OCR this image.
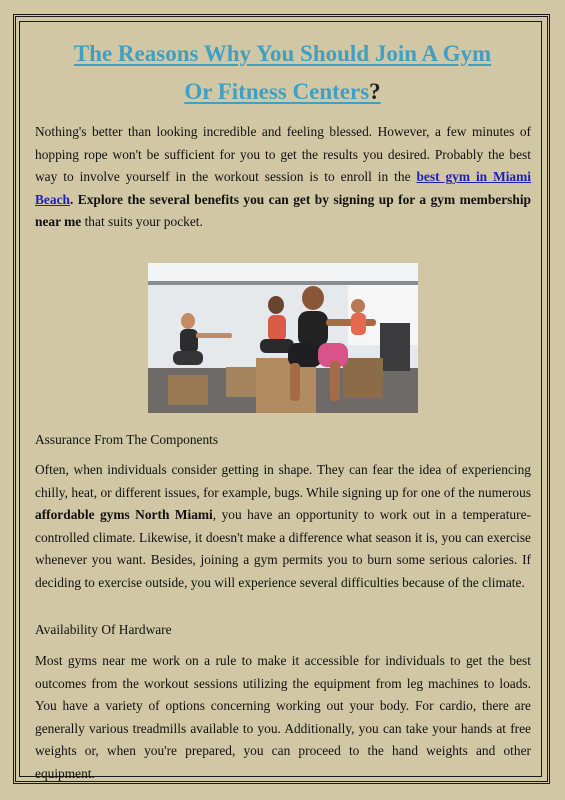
The Reasons Why You Should Join A Gym
Or Fitness Centers?

Nothing's better than looking incredible and feeling blessed. However, a few minutes of hopping rope won't be sufficient for you to get the results you desired. Probably the best way to involve yourself in the workout session is to enroll in the best gym in Miami Beach. Explore the several benefits you can get by signing up for a gym membership near me that suits your pocket.

Assurance From The Components

Often, when individuals consider getting in shape. They can fear the idea of experiencing chilly, heat, or different issues, for example, bugs. While signing up for one of the numerous affordable gyms North Miami, you have an opportunity to work out in a temperature-controlled climate. Likewise, it doesn't make a difference what season it is, you can exercise whenever you want. Besides, joining a gym permits you to burn some serious calories. If deciding to exercise outside, you will experience several difficulties because of the climate.

Availability Of Hardware

Most gyms near me work on a rule to make it accessible for individuals to get the best outcomes from the workout sessions utilizing the equipment from leg machines to loads. You have a variety of options concerning working out your body. For cardio, there are generally various treadmills available to you. Additionally, you can take your hands at free weights or, when you're prepared, you can proceed to the hand weights and other equipment.
